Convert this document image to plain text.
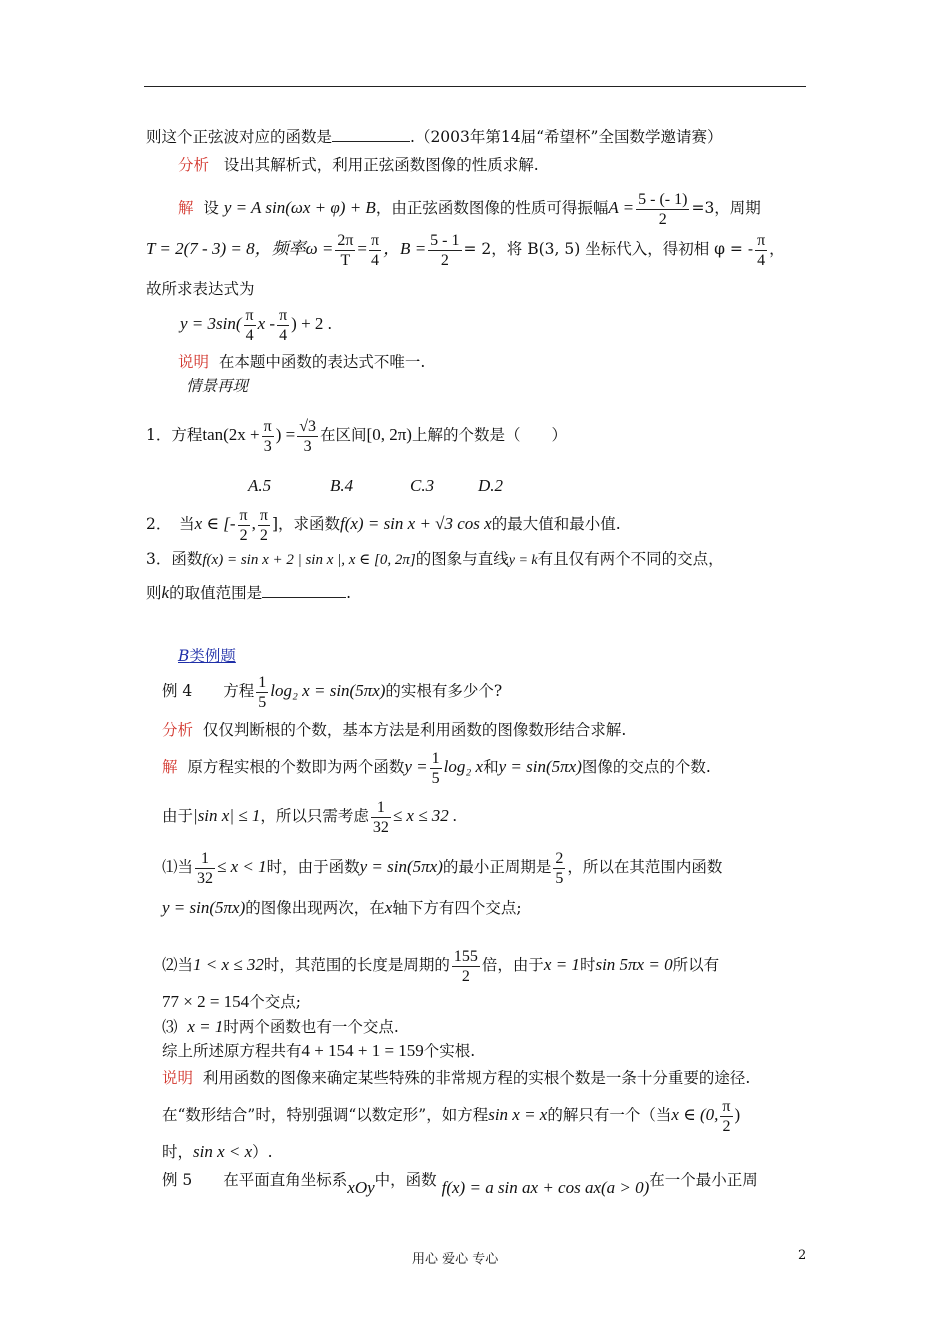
则这个正弦波对应的函数是	.（2003年第14届“希望杯”全国数学邀请赛）
分析 设出其解析式，利用正弦函数图像的性质求解.
解 设 y = A sin(ωx + φ) + B，由正弦函数图像的性质可得振幅$A = \frac{5 - (- 1)}{2} =3$，周期
T = 2(7 - 3) = 8，频率$\omega = \frac{2\pi}{T} = \frac{\pi}{4}$ ，$B = \frac{5 - 1}{2} = 2$，将 B(3, 5) 坐标代入，得初相 φ = - $\frac{\pi}{4}$ ，
故所求表达式为
$y = 3\sin( \frac{\pi}{4}$ x - $\frac{\pi}{4}$ ) + 2 .
说明 在本题中函数的表达式不唯一.
情景再现
1．方程$\tan(2x + \frac{\pi}{3}$ ) = $\frac{√3}{3}$ 在区间[0, 2π)上解的个数是（　　）
A.5	B.4	C.3	D.2
2．　当x ∈ [- $\frac{\pi}{2}$ , $\frac{\pi}{2}$ ]，求函数f(x) = sin x + √3 cos x的最大值和最小值.
3．函数f(x) = sin x + 2 | sin x |, x ∈ [0, 2π]的图象与直线y = k有且仅有两个不同的交点，
则k的取值范围是	.
B类例题
例 4　　方程 $\frac{1}{5} \log_2$ x = sin(5πx)的实根有多少个?
分析 仅仅判断根的个数，基本方法是利用函数的图像数形结合求解.
解 原方程实根的个数即为两个函数$y = \frac{1}{5} \log_2$ x和y = sin(5πx)图像的交点的个数.
由于|sin x| ≤ 1，所以只需考虑 $\frac{1}{32} \le x \le 32$ .
⑴当 $\frac{1}{32} \le x < 1$时，由于函数y = sin(5πx)的最小正周期是 $\frac{2}{5}$ ，所以在其范围内函数
y = sin(5πx)的图像出现两次，在x轴下方有四个交点;
⑵当1 < x ≤ 32时，其范围的长度是周期的 $\frac{155}{2}$ 倍，由于x = 1时sin 5πx = 0所以有
77 × 2 = 154个交点;
⑶ x = 1时两个函数也有一个交点.
综上所述原方程共有4 + 154 + 1 = 159个实根.
说明 利用函数的图像来确定某些特殊的非常规方程的实根个数是一条十分重要的途径.
在“数形结合”时，特别强调“以数定形”，如方程sin x = x的解只有一个（当x ∈ (0, $\frac{\pi}{2}$ )
时，sin x < x）.
例 5　　在平面直角坐标系xOy中，函数 f(x) = a sin ax + cos ax(a > 0)在一个最小正周
用心 爱心 专心	2
